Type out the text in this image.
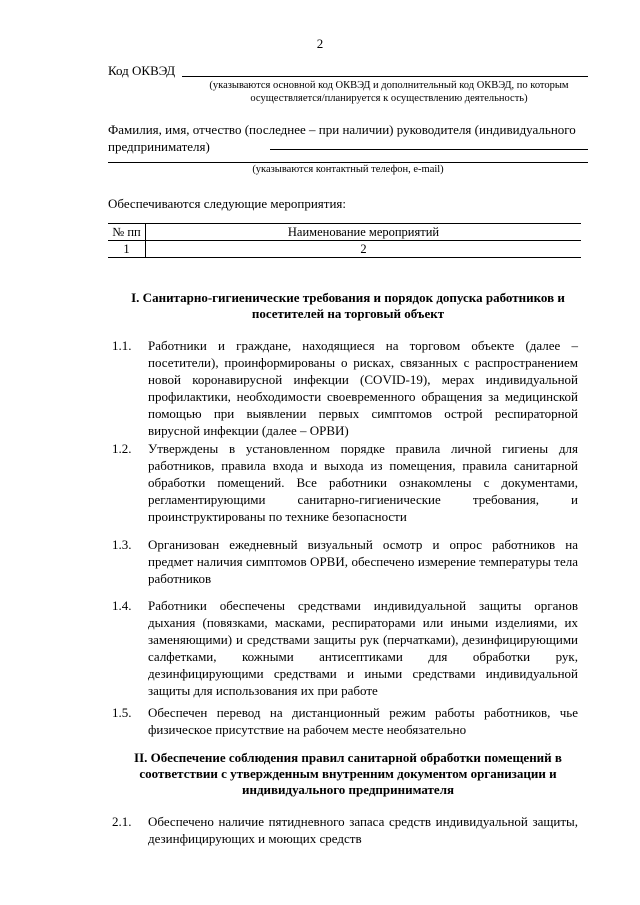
2
Код ОКВЭД
(указываются основной код ОКВЭД и дополнительный код ОКВЭД, по которым осуществляется/планируется к осуществлению деятельность)
Фамилия, имя, отчество (последнее – при наличии) руководителя (индивидуального предпринимателя)
(указываются контактный телефон, e-mail)
Обеспечиваются следующие мероприятия:
№ пп	Наименование мероприятий
1	2
I. Санитарно-гигиенические требования и порядок допуска работников и посетителей на торговый объект
1.1. Работники и граждане, находящиеся на торговом объекте (далее – посетители), проинформированы о рисках, связанных с распространением новой коронавирусной инфекции (COVID-19), мерах индивидуальной профилактики, необходимости своевременного обращения за медицинской помощью при выявлении первых симптомов острой респираторной вирусной инфекции (далее – ОРВИ)
1.2. Утверждены в установленном порядке правила личной гигиены для работников, правила входа и выхода из помещения, правила санитарной обработки помещений. Все работники ознакомлены с документами, регламентирующими санитарно-гигиенические требования, и проинструктированы по технике безопасности
1.3. Организован ежедневный визуальный осмотр и опрос работников на предмет наличия симптомов ОРВИ, обеспечено измерение температуры тела работников
1.4. Работники обеспечены средствами индивидуальной защиты органов дыхания (повязками, масками, респираторами или иными изделиями, их заменяющими) и средствами защиты рук (перчатками), дезинфицирующими салфетками, кожными антисептиками для обработки рук, дезинфицирующими средствами и иными средствами индивидуальной защиты для использования их при работе
1.5. Обеспечен перевод на дистанционный режим работы работников, чье физическое присутствие на рабочем месте необязательно
II. Обеспечение соблюдения правил санитарной обработки помещений в соответствии с утвержденным внутренним документом организации и индивидуального предпринимателя
2.1. Обеспечено наличие пятидневного запаса средств индивидуальной защиты, дезинфицирующих и моющих средств
